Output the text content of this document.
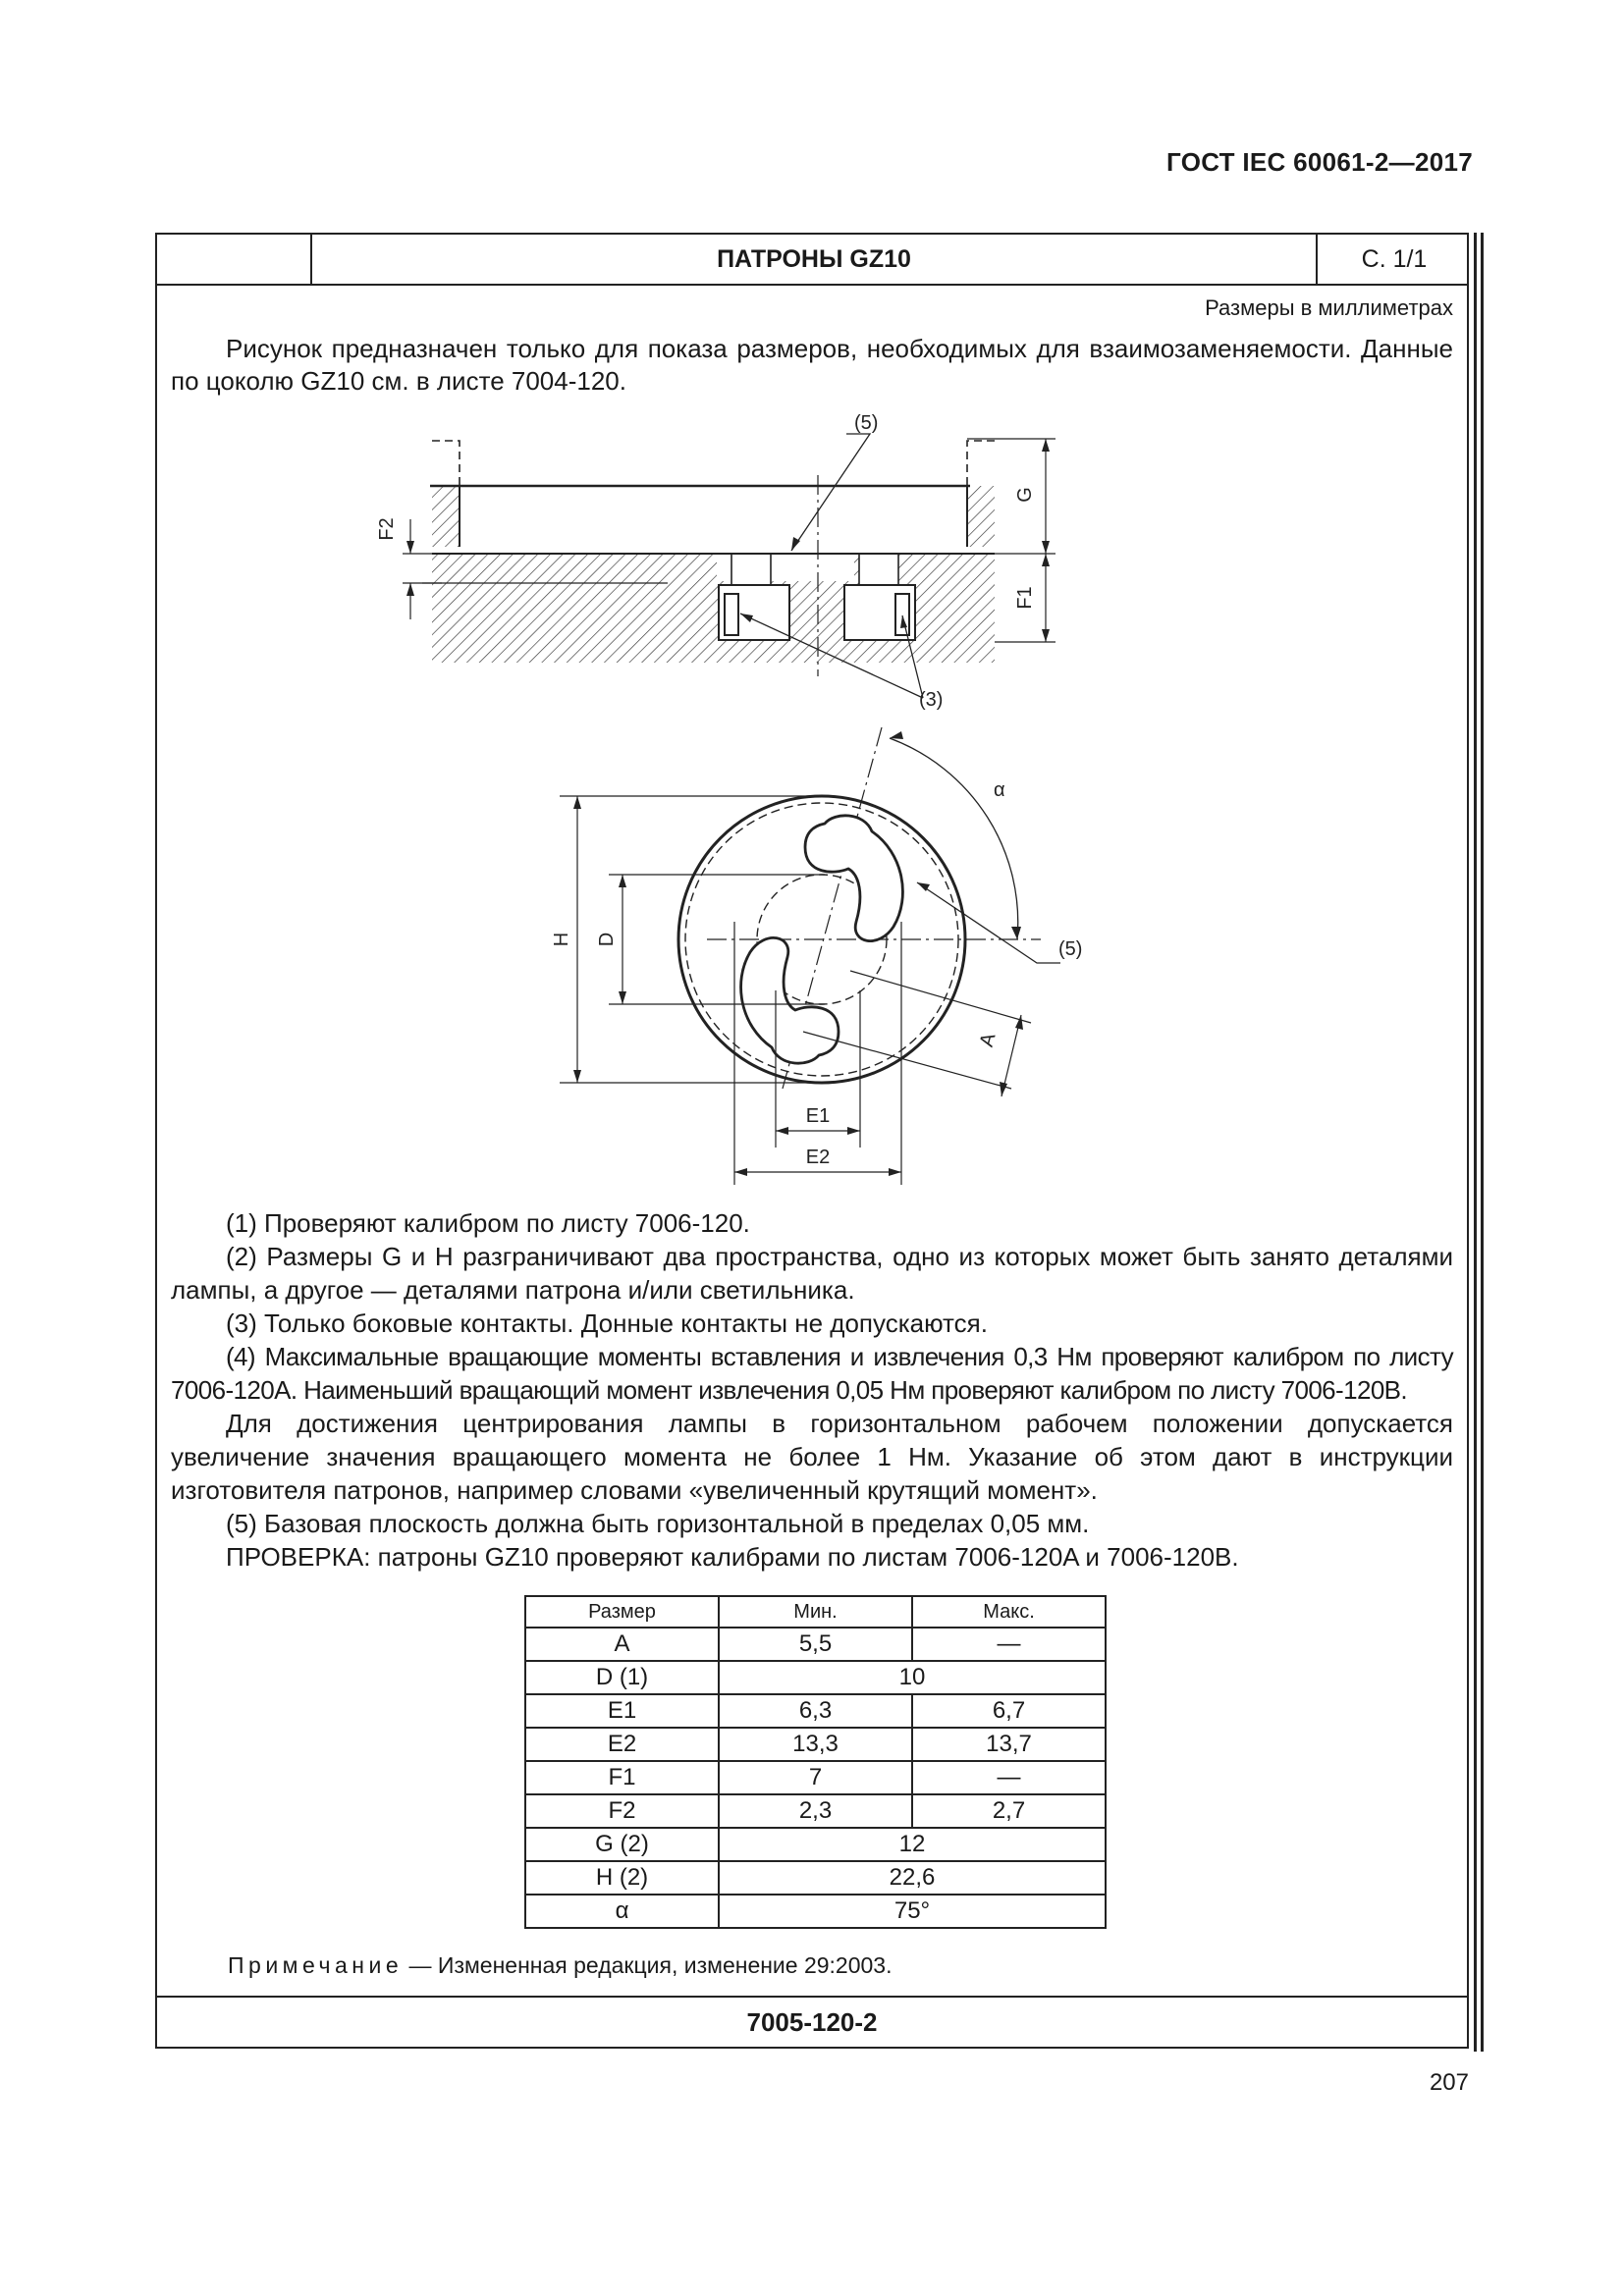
ГОСТ IEC 60061-2—2017
ПАТРОНЫ GZ10	С. 1/1
Размеры в миллиметрах
Рисунок предназначен только для показа размеров, необходимых для взаимозаменяемости. Данные по цоколю GZ10 см. в листе 7004-120.
(5)
(3)
F2
G
F1
α
(5)
H D
A
E1
E2

(1) Проверяют калибром по листу 7006-120.

(2) Размеры G и H разграничивают два пространства, одно из которых может быть занято деталями лампы, а другое — деталями патрона и/или светильника.

(3) Только боковые контакты. Донные контакты не допускаются.

(4) Максимальные вращающие моменты вставления и извлечения 0,3 Нм проверяют калибром по листу 7006-120A. Наименьший вращающий момент извлечения 0,05 Нм проверяют калибром по листу 7006-120B.

Для достижения центрирования лампы в горизонтальном рабочем положении допускается увеличение значения вращающего момента не более 1 Нм. Указание об этом дают в инструкции изготовителя патронов, например словами «увеличенный крутящий момент».

(5) Базовая плоскость должна быть горизонтальной в пределах 0,05 мм.

ПРОВЕРКА: патроны GZ10 проверяют калибрами по листам 7006-120A и 7006-120B.

Размер	Мин.	Макс.
A	5,5	—
D (1)	10	
E1	6,3	6,7
E2	13,3	13,7
F1	7	—
F2	2,3	2,7
G (2)	12	
H (2)	22,6	
α	75°	
Примечание — Измененная редакция, изменение 29:2003.
7005-120-2
207
